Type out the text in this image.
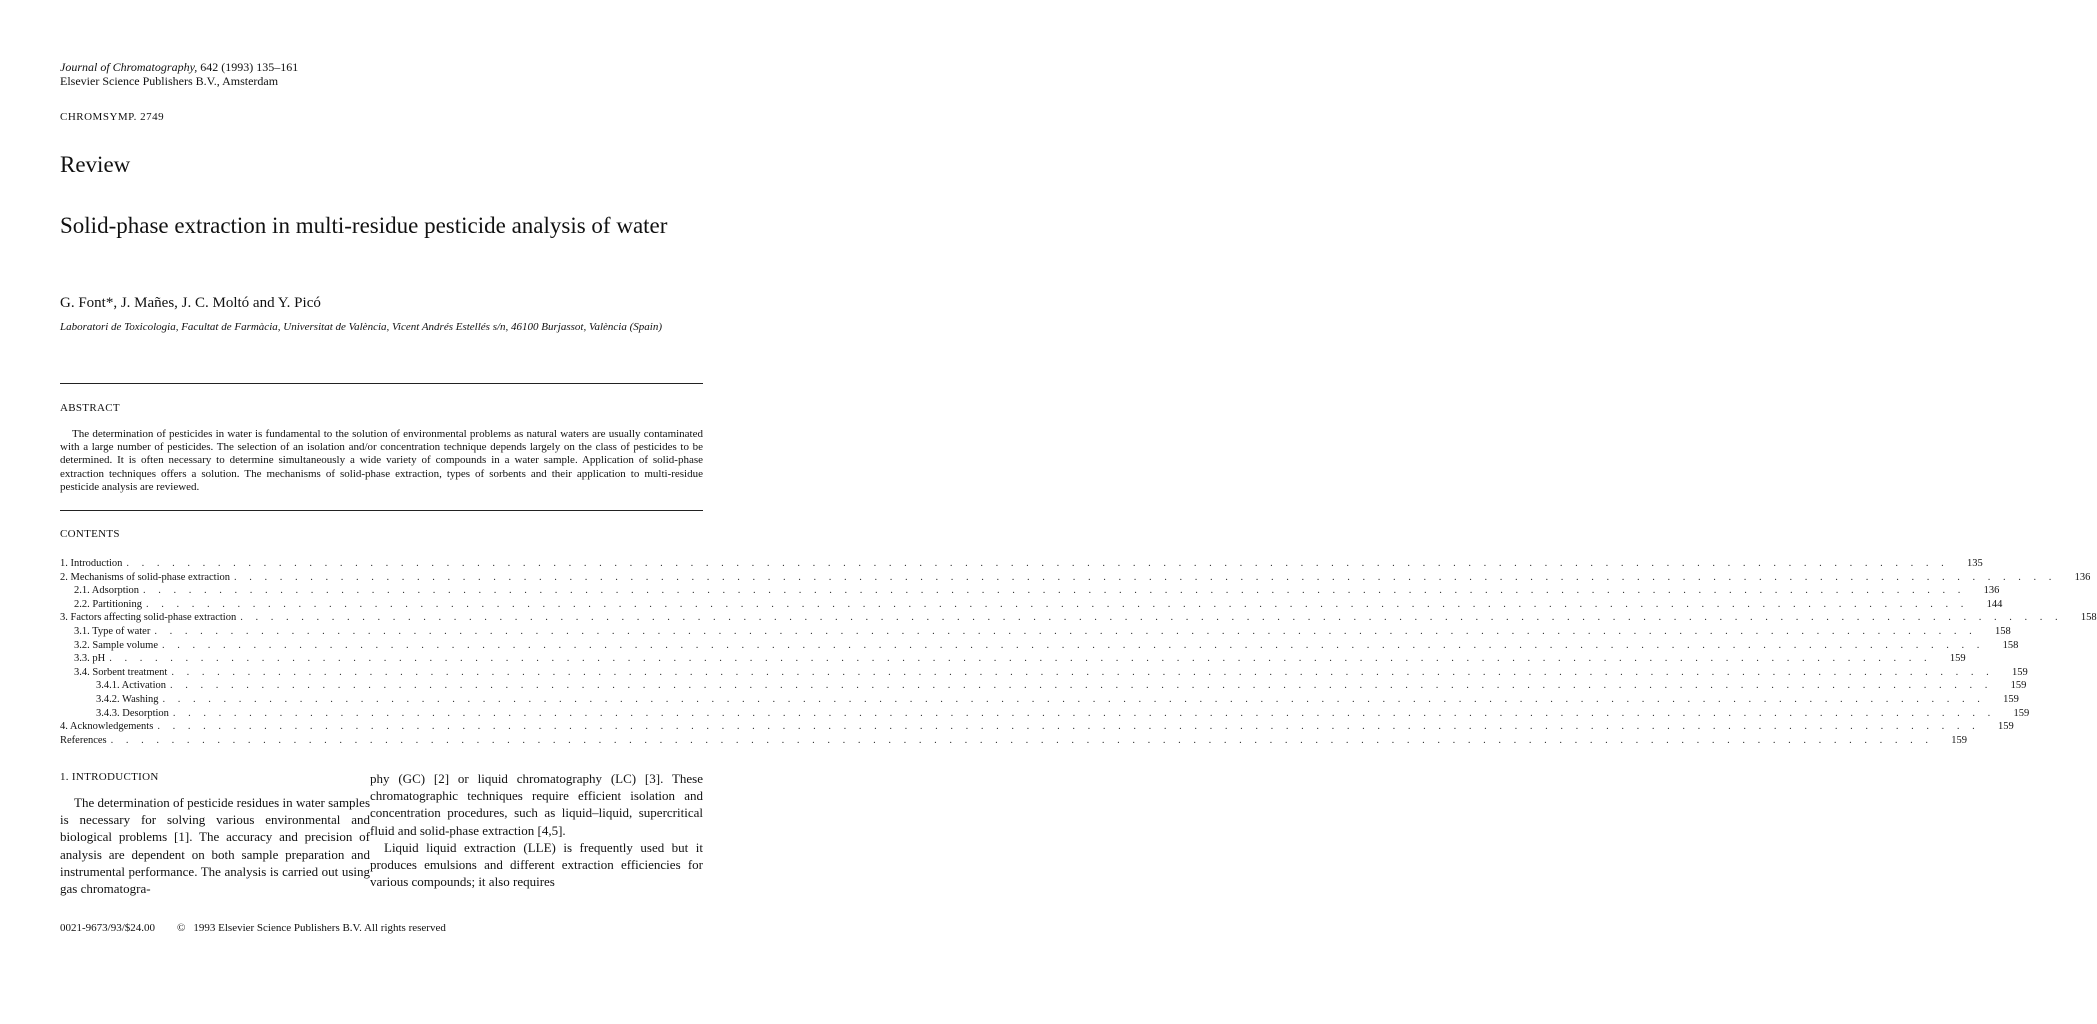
Journal of Chromatography, 642 (1993) 135–161
Elsevier Science Publishers B.V., Amsterdam
CHROMSYMP. 2749
Review
Solid-phase extraction in multi-residue pesticide analysis of water
G. Font*, J. Mañes, J. C. Moltó and Y. Picó
Laboratori de Toxicologia, Facultat de Farmàcia, Universitat de València, Vicent Andrés Estellés s/n, 46100 Burjassot, València (Spain)
ABSTRACT
The determination of pesticides in water is fundamental to the solution of environmental problems as natural waters are usually contaminated with a large number of pesticides. The selection of an isolation and/or concentration technique depends largely on the class of pesticides to be determined. It is often necessary to determine simultaneously a wide variety of compounds in a water sample. Application of solid-phase extraction techniques offers a solution. The mechanisms of solid-phase extraction, types of sorbents and their application to multi-residue pesticide analysis are reviewed.
CONTENTS
1. Introduction . . . . . . . . . . . . . . . . . . . . . . . . . . . . . . . . . . . . . . . . . . . . . . . . . . . . . . . . . . . . . . . . . . . . . . . . . . . . . . . . . . . . . . . . . . . . . . . . . . . . . . . . . . . . . . . . . . . . . . . .	135
2. Mechanisms of solid-phase extraction . . . . . . . . . . . . . . . . . . . . . . . . . . . . . . . . . . . . . . . . . . . . . . . . . . . . . . . . . . . . . . . . . . . . . . . . . . . . . . . . . . . . . . . . . . . . . . . . . . . . . . . . . . . . . . . . . . . . . . . .	136
2.1. Adsorption . . . . . . . . . . . . . . . . . . . . . . . . . . . . . . . . . . . . . . . . . . . . . . . . . . . . . . . . . . . . . . . . . . . . . . . . . . . . . . . . . . . . . . . . . . . . . . . . . . . . . . . . . . . . . . . . . . . . . . . .	136
2.2. Partitioning . . . . . . . . . . . . . . . . . . . . . . . . . . . . . . . . . . . . . . . . . . . . . . . . . . . . . . . . . . . . . . . . . . . . . . . . . . . . . . . . . . . . . . . . . . . . . . . . . . . . . . . . . . . . . . . . . . . . . . . .	144
3. Factors affecting solid-phase extraction . . . . . . . . . . . . . . . . . . . . . . . . . . . . . . . . . . . . . . . . . . . . . . . . . . . . . . . . . . . . . . . . . . . . . . . . . . . . . . . . . . . . . . . . . . . . . . . . . . . . . . . . . . . . . . . . . . . . . . . .	158
3.1. Type of water . . . . . . . . . . . . . . . . . . . . . . . . . . . . . . . . . . . . . . . . . . . . . . . . . . . . . . . . . . . . . . . . . . . . . . . . . . . . . . . . . . . . . . . . . . . . . . . . . . . . . . . . . . . . . . . . . . . . . . . .	158
3.2. Sample volume . . . . . . . . . . . . . . . . . . . . . . . . . . . . . . . . . . . . . . . . . . . . . . . . . . . . . . . . . . . . . . . . . . . . . . . . . . . . . . . . . . . . . . . . . . . . . . . . . . . . . . . . . . . . . . . . . . . . . . . .	158
3.3. pH . . . . . . . . . . . . . . . . . . . . . . . . . . . . . . . . . . . . . . . . . . . . . . . . . . . . . . . . . . . . . . . . . . . . . . . . . . . . . . . . . . . . . . . . . . . . . . . . . . . . . . . . . . . . . . . . . . . . . . . .	159
3.4. Sorbent treatment . . . . . . . . . . . . . . . . . . . . . . . . . . . . . . . . . . . . . . . . . . . . . . . . . . . . . . . . . . . . . . . . . . . . . . . . . . . . . . . . . . . . . . . . . . . . . . . . . . . . . . . . . . . . . . . . . . . . . . . .	159
3.4.1. Activation . . . . . . . . . . . . . . . . . . . . . . . . . . . . . . . . . . . . . . . . . . . . . . . . . . . . . . . . . . . . . . . . . . . . . . . . . . . . . . . . . . . . . . . . . . . . . . . . . . . . . . . . . . . . . . . . . . . . . . . .	159
3.4.2. Washing . . . . . . . . . . . . . . . . . . . . . . . . . . . . . . . . . . . . . . . . . . . . . . . . . . . . . . . . . . . . . . . . . . . . . . . . . . . . . . . . . . . . . . . . . . . . . . . . . . . . . . . . . . . . . . . . . . . . . . . .	159
3.4.3. Desorption . . . . . . . . . . . . . . . . . . . . . . . . . . . . . . . . . . . . . . . . . . . . . . . . . . . . . . . . . . . . . . . . . . . . . . . . . . . . . . . . . . . . . . . . . . . . . . . . . . . . . . . . . . . . . . . . . . . . . . . .	159
4. Acknowledgements . . . . . . . . . . . . . . . . . . . . . . . . . . . . . . . . . . . . . . . . . . . . . . . . . . . . . . . . . . . . . . . . . . . . . . . . . . . . . . . . . . . . . . . . . . . . . . . . . . . . . . . . . . . . . . . . . . . . . . . .	159
References . . . . . . . . . . . . . . . . . . . . . . . . . . . . . . . . . . . . . . . . . . . . . . . . . . . . . . . . . . . . . . . . . . . . . . . . . . . . . . . . . . . . . . . . . . . . . . . . . . . . . . . . . . . . . . . . . . . . . . . .	159
1. INTRODUCTION

The determination of pesticide residues in water samples is necessary for solving various environmental and biological problems [1]. The accuracy and precision of analysis are dependent on both sample preparation and instrumental performance. The analysis is carried out using gas chromatogra-

phy (GC) [2] or liquid chromatography (LC) [3]. These chromatographic techniques require efficient isolation and concentration procedures, such as liquid–liquid, supercritical fluid and solid-phase extraction [4,5].

Liquid liquid extraction (LLE) is frequently used but it produces emulsions and different extraction efficiencies for various compounds; it also requires

0021-9673/93/$24.00 © 1993 Elsevier Science Publishers B.V. All rights reserved
